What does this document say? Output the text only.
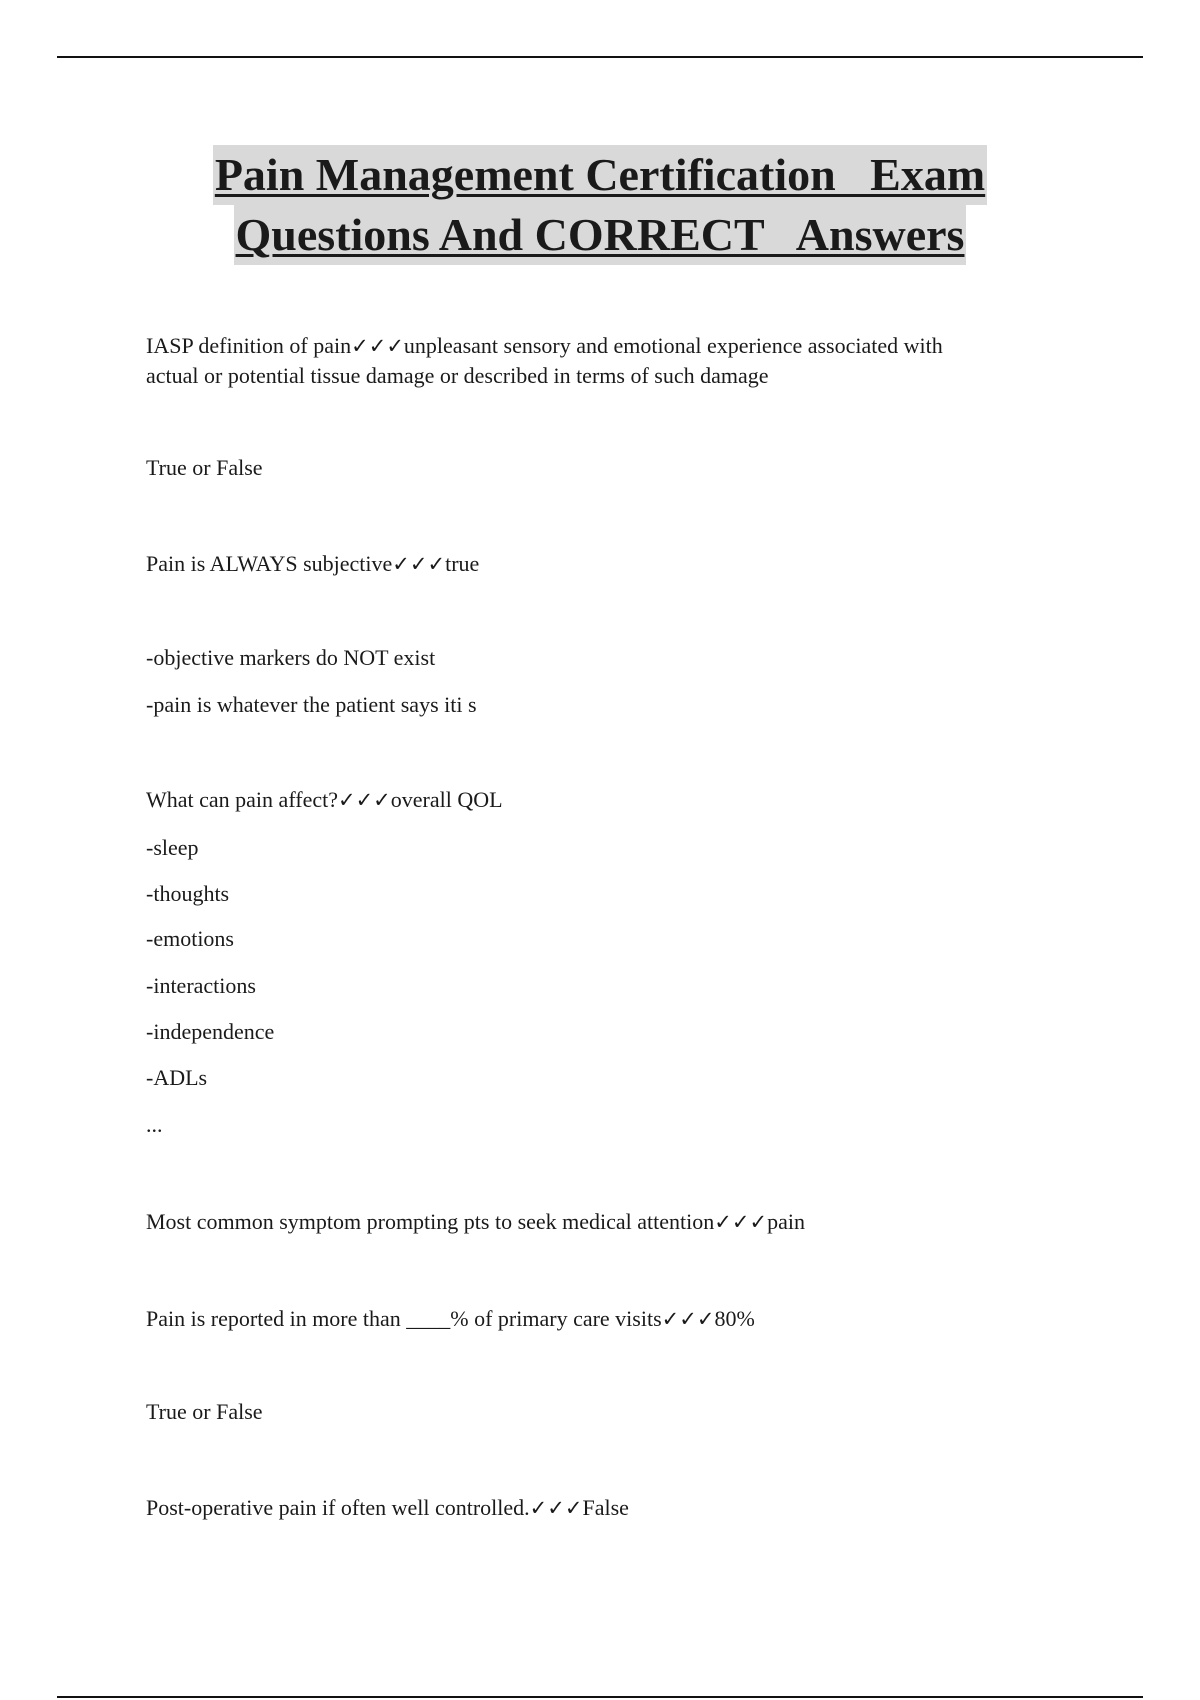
Pain Management Certification   Exam
Questions And CORRECT   Answers
IASP definition of pain✓✓✓unpleasant sensory and emotional experience associated with
actual or potential tissue damage or described in terms of such damage
True or False
Pain is ALWAYS subjective✓✓✓true
-objective markers do NOT exist
-pain is whatever the patient says iti s
What can pain affect?✓✓✓overall QOL
-sleep
-thoughts
-emotions
-interactions
-independence
-ADLs
...
Most common symptom prompting pts to seek medical attention✓✓✓pain
Pain is reported in more than ____% of primary care visits✓✓✓80%
True or False
Post-operative pain if often well controlled.✓✓✓False
